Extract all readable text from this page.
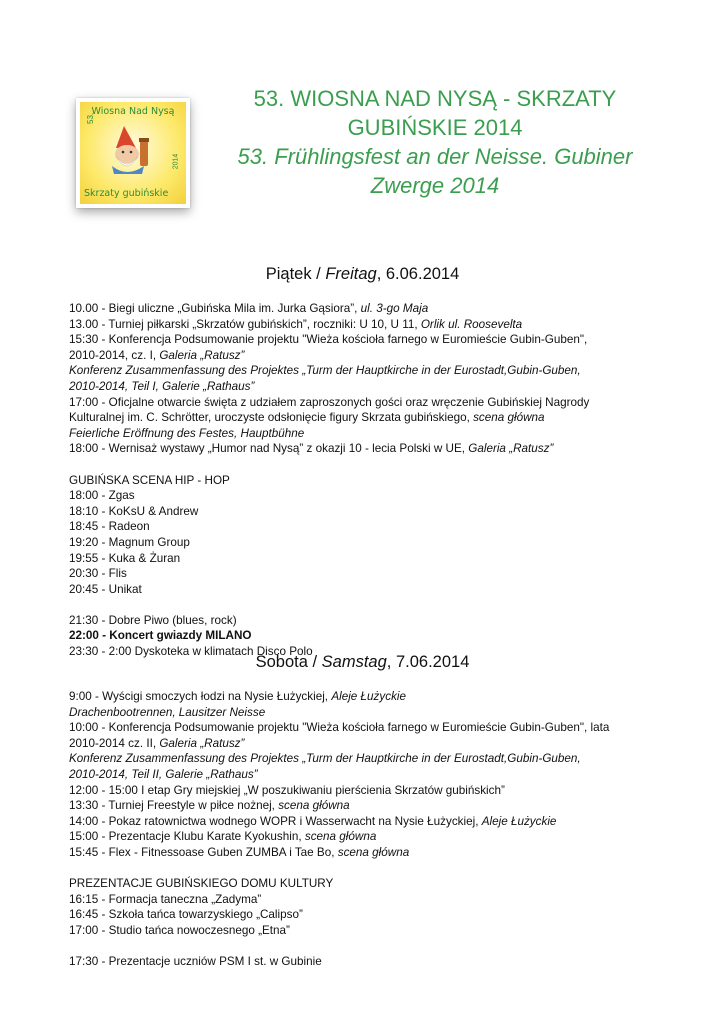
Wiosna Nad Nysą
53.
2014
Skrzaty gubińskie
53. WIOSNA NAD NYSĄ - SKRZATY
GUBIŃSKIE 2014
53. Frühlingsfest an der Neisse. Gubiner
Zwerge 2014
Piątek / Freitag, 6.06.2014
10.00 - Biegi uliczne „Gubińska Mila im. Jurka Gąsiora”, ul. 3-go Maja
13.00 - Turniej piłkarski „Skrzatów gubińskich”, roczniki: U 10, U 11, Orlik ul. Roosevelta
15:30 - Konferencja Podsumowanie projektu "Wieża kościoła farnego w Euromieście Gubin-Guben",
2010-2014, cz. I, Galeria „Ratusz”
Konferenz Zusammenfassung des Projektes „Turm der Hauptkirche in der Eurostadt,Gubin-Guben,
2010-2014, Teil I, Galerie „Rathaus”
17:00 - Oficjalne otwarcie święta z udziałem zaproszonych gości oraz wręczenie Gubińskiej Nagrody
Kulturalnej im. C. Schrötter, uroczyste odsłonięcie figury Skrzata gubińskiego, scena główna
Feierliche Eröffnung des Festes, Hauptbühne
18:00 - Wernisaż wystawy „Humor nad Nysą” z okazji 10 - lecia Polski w UE, Galeria „Ratusz”
GUBIŃSKA SCENA HIP - HOP
18:00 - Zgas
18:10 - KoKsU & Andrew
18:45 - Radeon
19:20 - Magnum Group
19:55 - Kuka & Żuran
20:30 - Flis
20:45 - Unikat
21:30 - Dobre Piwo (blues, rock)
22:00 - Koncert gwiazdy MILANO
23:30 - 2:00 Dyskoteka w klimatach Disco Polo
Sobota / Samstag, 7.06.2014
9:00 - Wyścigi smoczych łodzi na Nysie Łużyckiej, Aleje Łużyckie
Drachenbootrennen, Lausitzer Neisse
10:00 - Konferencja Podsumowanie projektu "Wieża kościoła farnego w Euromieście Gubin-Guben", lata
2010-2014 cz. II, Galeria „Ratusz”
Konferenz Zusammenfassung des Projektes „Turm der Hauptkirche in der Eurostadt,Gubin-Guben,
2010-2014, Teil II, Galerie „Rathaus”
12:00 - 15:00 I etap Gry miejskiej „W poszukiwaniu pierścienia Skrzatów gubińskich”
13:30 - Turniej Freestyle w piłce nożnej, scena główna
14:00 - Pokaz ratownictwa wodnego WOPR i Wasserwacht na Nysie Łużyckiej, Aleje Łużyckie
15:00 - Prezentacje Klubu Karate Kyokushin, scena główna
15:45 - Flex - Fitnessoase Guben ZUMBA i Tae Bo, scena główna
PREZENTACJE GUBIŃSKIEGO DOMU KULTURY
16:15 - Formacja taneczna „Zadyma”
16:45 - Szkoła tańca towarzyskiego „Calipso”
17:00 - Studio tańca nowoczesnego „Etna”
17:30 - Prezentacje uczniów PSM I st. w Gubinie
